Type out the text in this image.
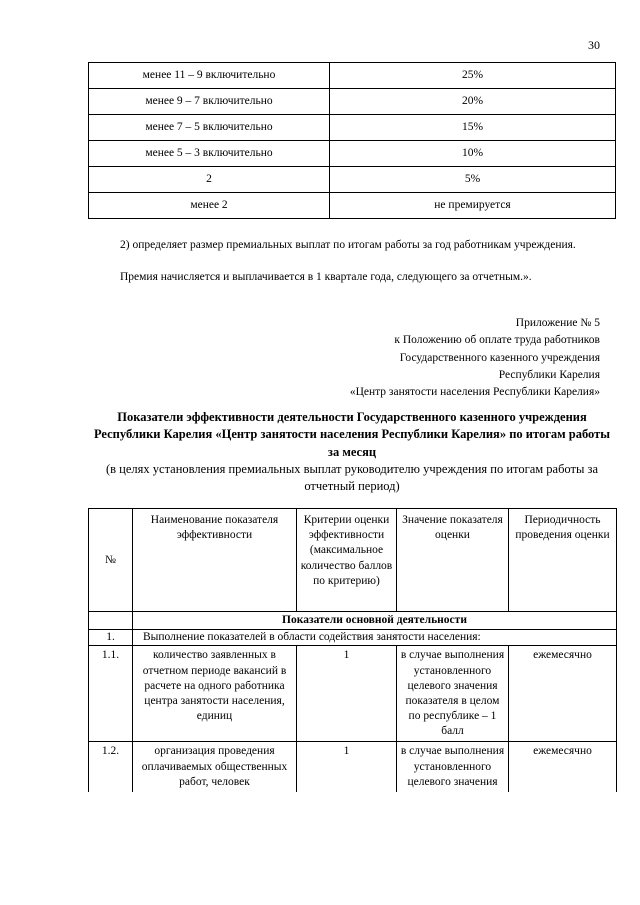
30
менее 11 – 9 включительно	25%
менее 9 – 7 включительно	20%
менее 7 – 5 включительно	15%
менее 5 – 3 включительно	10%
2	5%
менее 2	не премируется
2) определяет размер премиальных выплат по итогам работы за год работникам учреждения.
Премия начисляется и выплачивается в 1 квартале года, следующего за отчетным.».
Приложение № 5
к Положению об оплате труда работников
Государственного казенного учреждения
Республики Карелия
«Центр занятости населения Республики Карелия»
Показатели эффективности деятельности Государственного казенного учреждения Республики Карелия «Центр занятости населения Республики Карелия» по итогам работы за месяц
(в целях установления премиальных выплат руководителю учреждения по итогам работы за отчетный период)
№	Наименование показателя эффективности	Критерии оценки эффективности (максимальное количество баллов по критерию)	Значение показателя оценки	Периодичность проведения оценки
	Показатели основной деятельности			
1.	Выполнение показателей в области содействия занятости населения:			
1.1.	количество заявленных в отчетном периоде вакансий в расчете на одного работника центра занятости населения, единиц	1	в случае выполнения установленного целевого значения показателя в целом по республике – 1 балл	ежемесячно
1.2.	организация проведения оплачиваемых общественных работ, человек	1	в случае выполнения установленного целевого значения	ежемесячно
